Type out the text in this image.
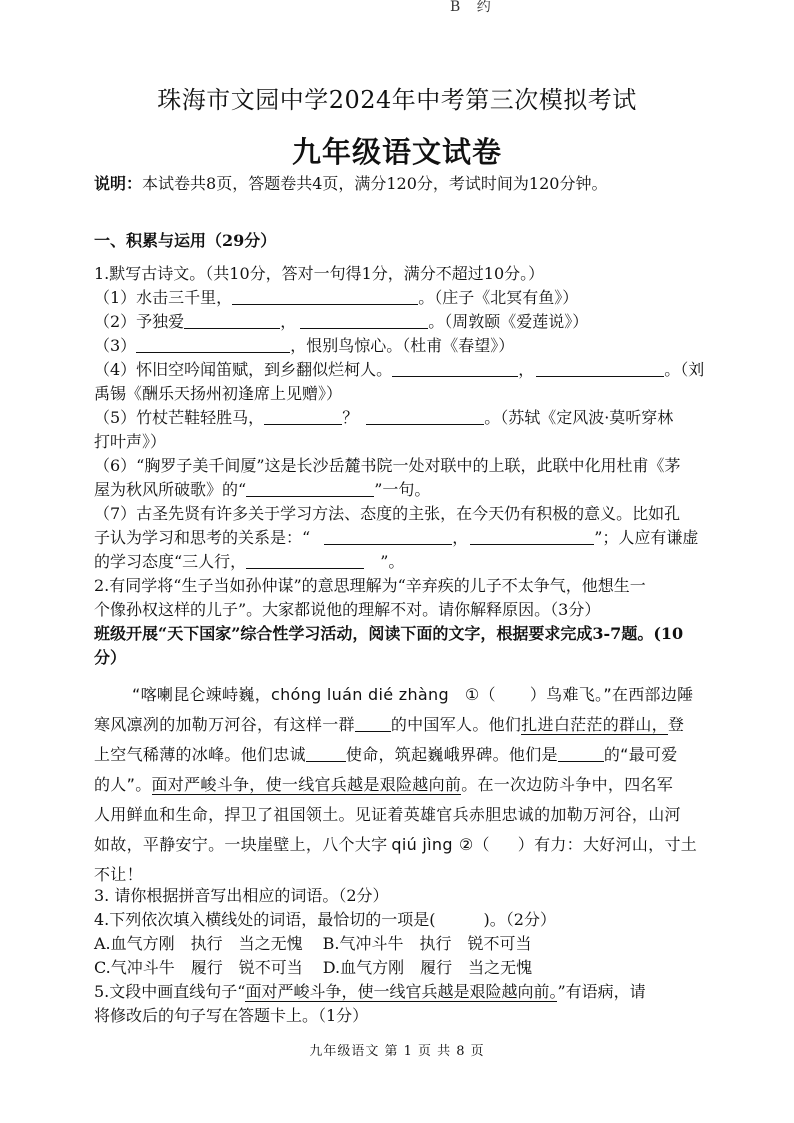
B 约
珠海市文园中学2024年中考第三次模拟考试
九年级语文试卷
说明：本试卷共8页，答题卷共4页，满分120分，考试时间为120分钟。
一、积累与运用（29分）
1.默写古诗文。（共10分，答对一句得1分，满分不超过10分。）
（1）水击三千里，	。（庄子《北冥有鱼》）
（2）予独爱	，	。（周敦颐《爱莲说》）
（3）	，恨别鸟惊心。（杜甫《春望》）
（4）怀旧空吟闻笛赋，到乡翻似烂柯人。	，	。（刘
禹锡《酬乐天扬州初逢席上见赠》）
（5）竹杖芒鞋轻胜马，	？	。（苏轼《定风波·莫听穿林
打叶声》）
（6）“胸罗子美千间厦”这是长沙岳麓书院一处对联中的上联，此联中化用杜甫《茅
屋为秋风所破歌》的“	”一句。
（7）古圣先贤有许多关于学习方法、态度的主张，在今天仍有积极的意义。比如孔
子认为学习和思考的关系是：“	，	”；人应有谦虚
的学习态度“三人行，	”。
2.有同学将“生子当如孙仲谋”的意思理解为“辛弃疾的儿子不太争气，他想生一
个像孙权这样的儿子”。大家都说他的理解不对。请你解释原因。（3分）
班级开展“天下国家”综合性学习活动，阅读下面的文字，根据要求完成3-7题。(10
分）
“喀喇昆仑竦峙巍，chóng luán dié zhàng ①（ ）鸟难飞。”在西部边陲
寒风凛冽的加勒万河谷，有这样一群 的中国军人。他们扎进白茫茫的群山，登
上空气稀薄的冰峰。他们忠诚	使命，筑起巍峨界碑。他们是	的“最可爱
的人”。面对严峻斗争，使一线官兵越是艰险越向前。在一次边防斗争中，四名军
人用鲜血和生命，捍卫了祖国领土。见证着英雄官兵赤胆忠诚的加勒万河谷，山河
如故，平静安宁。一块崖壁上，八个大字 qiú jìng ②（ ）有力：大好河山，寸土
不让！
3. 请你根据拼音写出相应的词语。（2分）
4.下列依次填入横线处的词语，最恰切的一项是(	)。（2分）
A.血气方刚　执行　当之无愧 B.气冲斗牛　执行　锐不可当
C.气冲斗牛　履行　锐不可当 D.血气方刚　履行　当之无愧
5.文段中画直线句子“面对严峻斗争，使一线官兵越是艰险越向前。”有语病，请
将修改后的句子写在答题卡上。（1分）
九年级语文 第 1 页 共 8 页
